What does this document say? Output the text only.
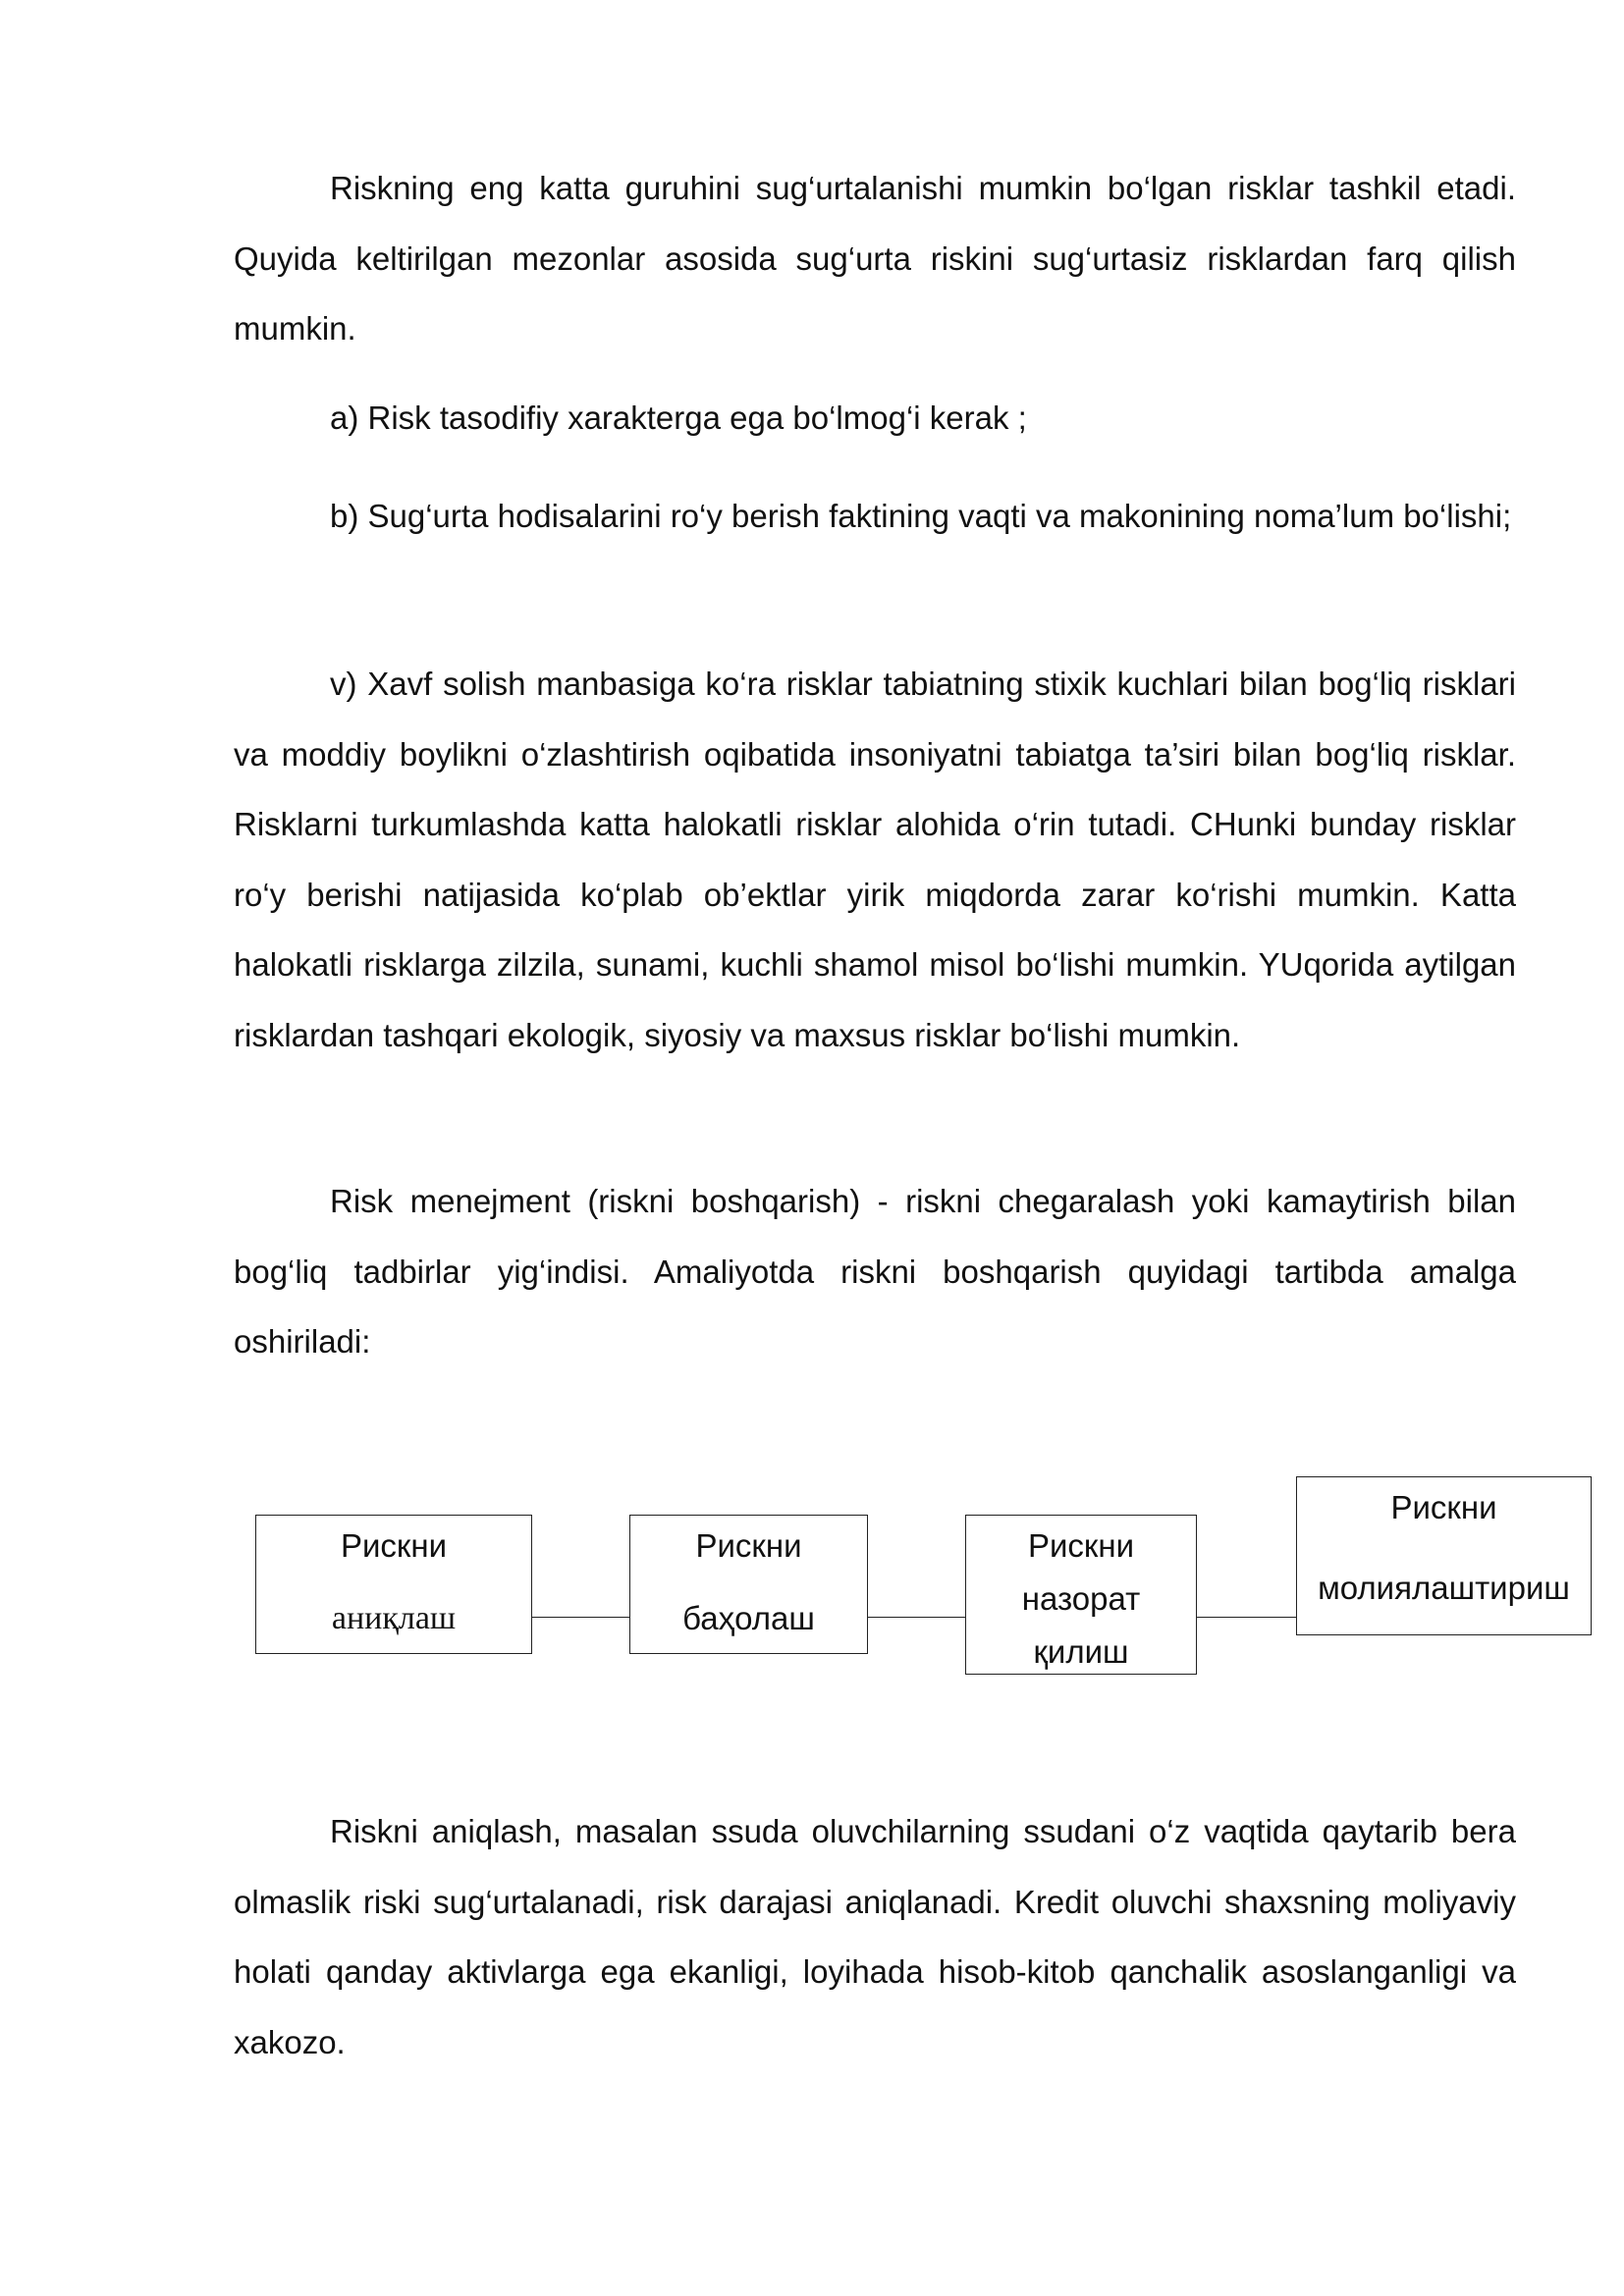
Riskning eng katta guruhini sug‘urtalanishi mumkin bo‘lgan risklar tashkil etadi. Quyida keltirilgan mezonlar asosida sug‘urta riskini sug‘urtasiz risklardan farq qilish mumkin.

a) Risk tasodifiy xarakterga ega bo‘lmog‘i kerak ;

b) Sug‘urta hodisalarini ro‘y berish faktining vaqti va makonining noma’lum bo‘lishi;

v) Xavf solish manbasiga ko‘ra risklar tabiatning stixik kuchlari bilan bog‘liq risklari va moddiy boylikni o‘zlashtirish oqibatida insoniyatni tabiatga ta’siri bilan bog‘liq risklar. Risklarni turkumlashda katta halokatli risklar alohida o‘rin tutadi. CHunki bunday risklar ro‘y berishi natijasida ko‘plab ob’ektlar yirik miqdorda zarar ko‘rishi mumkin. Katta halokatli risklarga zilzila, sunami, kuchli shamol misol bo‘lishi mumkin. YUqorida aytilgan risklardan tashqari ekologik, siyosiy va maxsus risklar bo‘lishi mumkin.

Risk menejment (riskni boshqarish) - riskni chegaralash yoki kamaytirish bilan bog‘liq tadbirlar yig‘indisi. Amaliyotda riskni boshqarish quyidagi tartibda amalga oshiriladi:

Рискни
аниқлаш
Рискни
баҳолаш
Рискни
назорат
қилиш
Рискни
молиялаштириш

Riskni aniqlash, masalan ssuda oluvchilarning ssudani o‘z vaqtida qaytarib bera olmaslik riski sug‘urtalanadi, risk darajasi aniqlanadi. Kredit oluvchi shaxsning moliyaviy holati qanday aktivlarga ega ekanligi, loyihada hisob-kitob qanchalik asoslanganligi va xakozo.
